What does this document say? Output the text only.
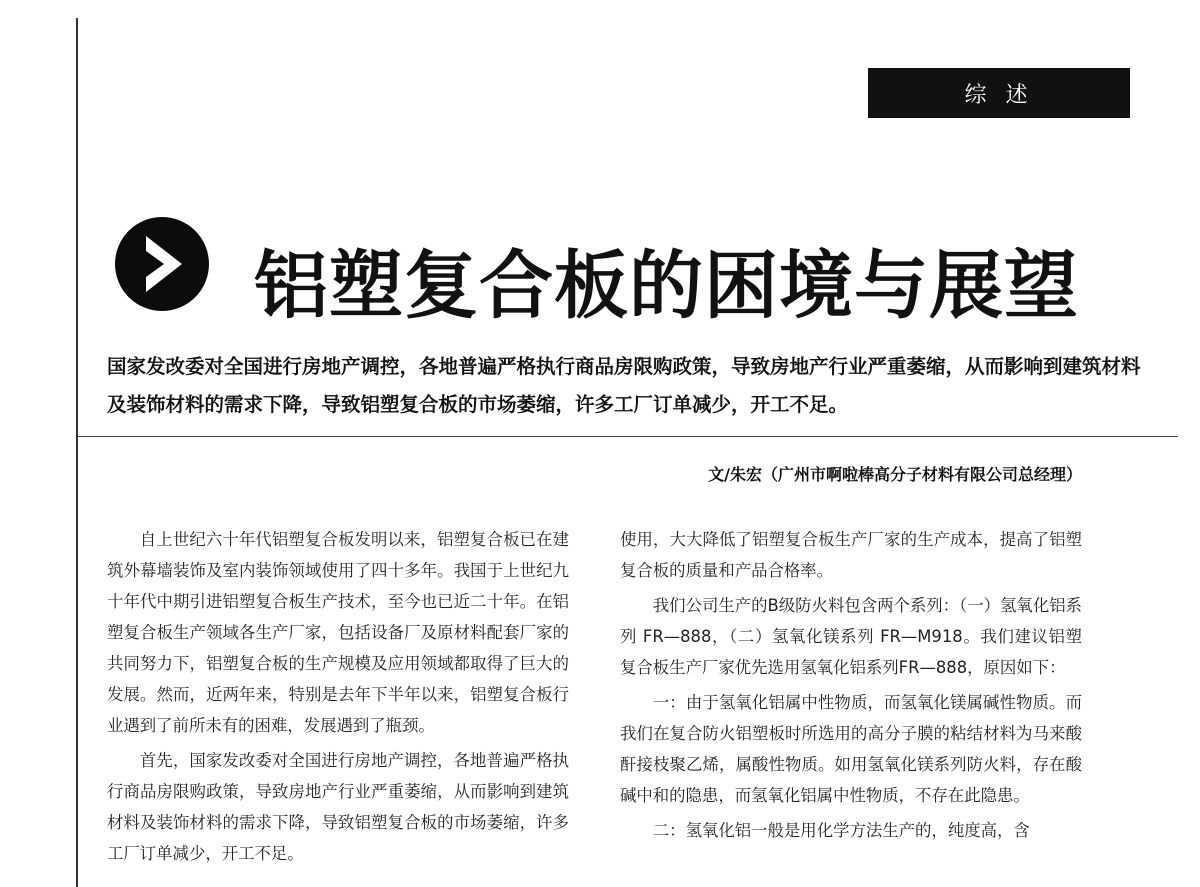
综 述
铝塑复合板的困境与展望

国家发改委对全国进行房地产调控，各地普遍严格执行商品房限购政策，导致房地产行业严重萎缩，从而影响到建筑材料及装饰材料的需求下降，导致铝塑复合板的市场萎缩，许多工厂订单减少，开工不足。

文/朱宏（广州市啊啦棒高分子材料有限公司总经理）

自上世纪六十年代铝塑复合板发明以来，铝塑复合板已在建筑外幕墙装饰及室内装饰领域使用了四十多年。我国于上世纪九十年代中期引进铝塑复合板生产技术，至今也已近二十年。在铝塑复合板生产领域各生产厂家，包括设备厂及原材料配套厂家的共同努力下，铝塑复合板的生产规模及应用领域都取得了巨大的发展。然而，近两年来，特别是去年下半年以来，铝塑复合板行业遇到了前所未有的困难，发展遇到了瓶颈。

首先，国家发改委对全国进行房地产调控，各地普遍严格执行商品房限购政策，导致房地产行业严重萎缩，从而影响到建筑材料及装饰材料的需求下降，导致铝塑复合板的市场萎缩，许多工厂订单减少，开工不足。

使用，大大降低了铝塑复合板生产厂家的生产成本，提高了铝塑复合板的质量和产品合格率。

我们公司生产的B级防火料包含两个系列：（一）氢氧化铝系列 FR—888，（二）氢氧化镁系列 FR—M918。我们建议铝塑复合板生产厂家优先选用氢氧化铝系列FR—888，原因如下：

一：由于氢氧化铝属中性物质，而氢氧化镁属碱性物质。而我们在复合防火铝塑板时所选用的高分子膜的粘结材料为马来酸酐接枝聚乙烯，属酸性物质。如用氢氧化镁系列防火料，存在酸碱中和的隐患，而氢氧化铝属中性物质，不存在此隐患。

二：氢氧化铝一般是用化学方法生产的，纯度高，含
